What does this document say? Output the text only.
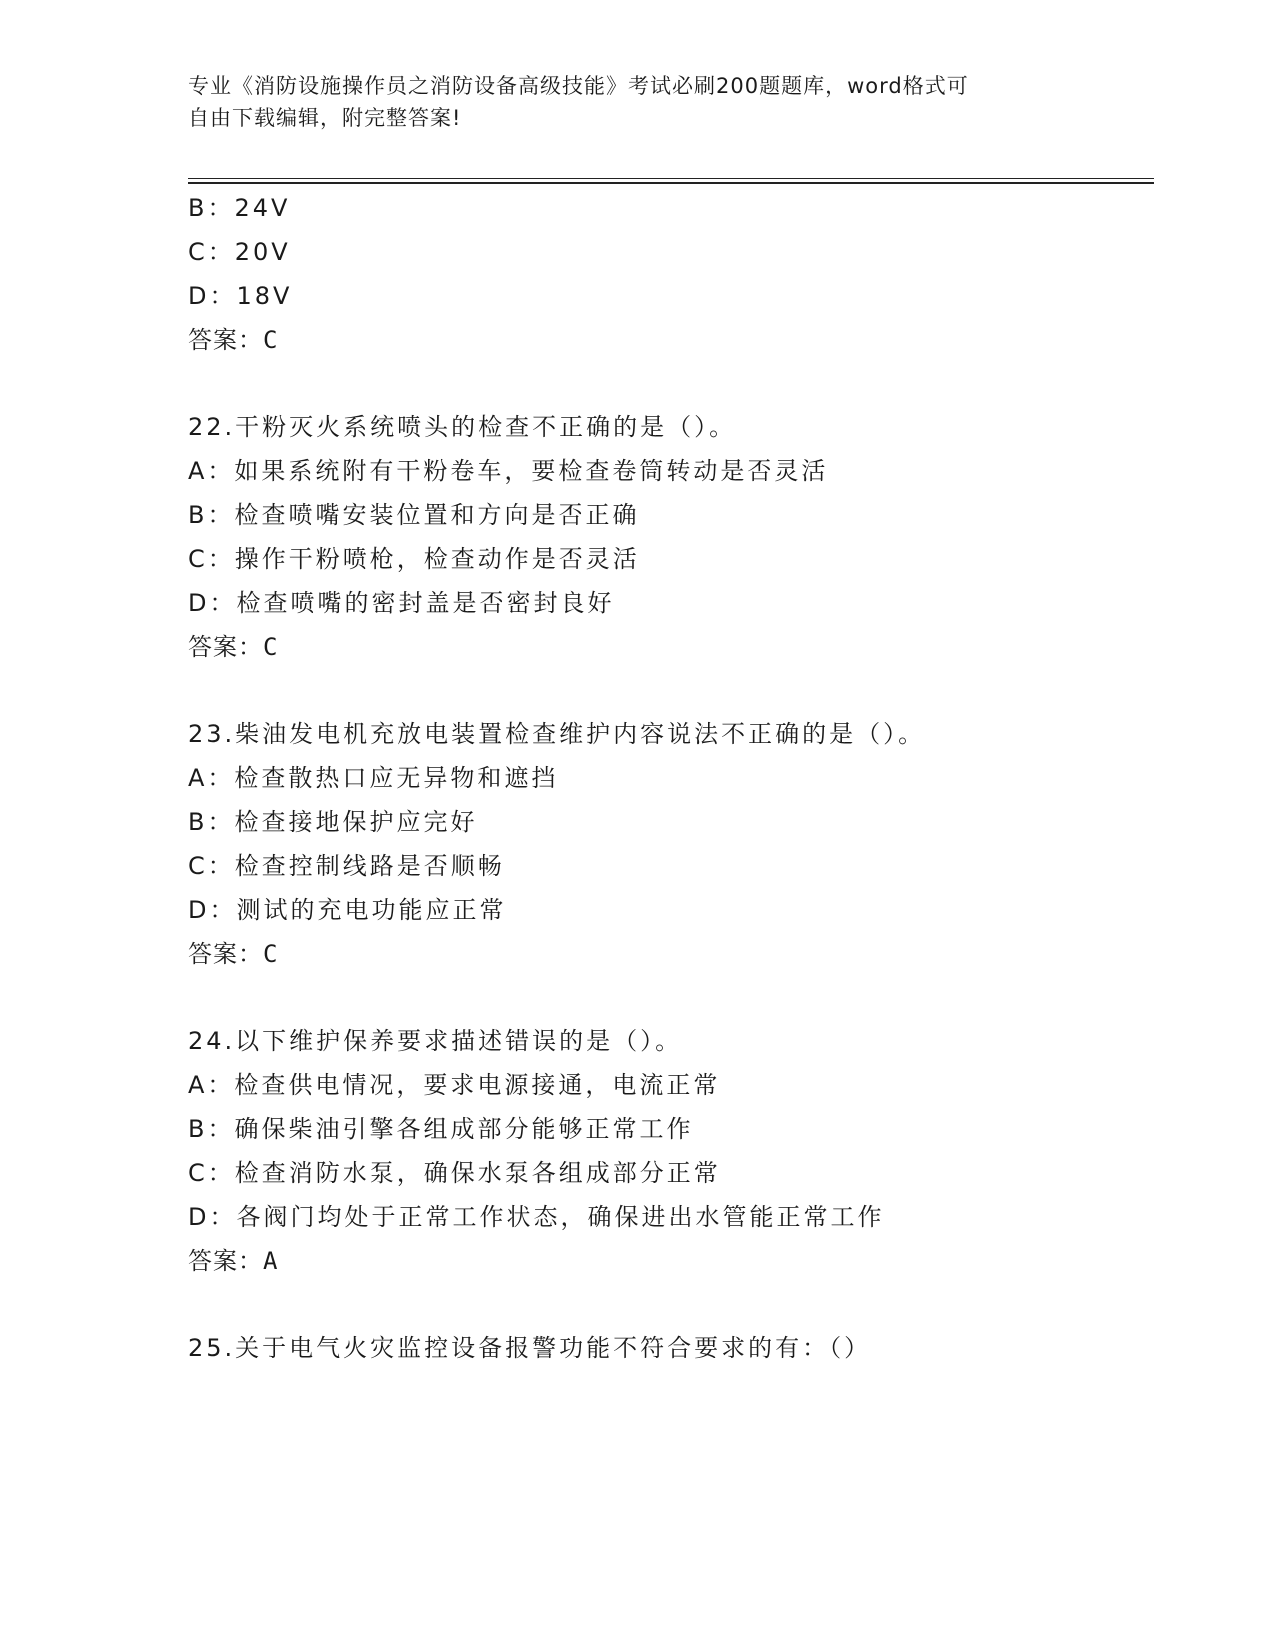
专业《消防设施操作员之消防设备高级技能》考试必刷200题题库，word格式可
自由下载编辑，附完整答案!
B：24V
C：20V
D：18V
答案：C
22.干粉灭火系统喷头的检查不正确的是（）。
A：如果系统附有干粉卷车，要检查卷筒转动是否灵活
B：检查喷嘴安装位置和方向是否正确
C：操作干粉喷枪，检查动作是否灵活
D：检查喷嘴的密封盖是否密封良好
答案：C
23.柴油发电机充放电装置检查维护内容说法不正确的是（）。
A：检查散热口应无异物和遮挡
B：检查接地保护应完好
C：检查控制线路是否顺畅
D：测试的充电功能应正常
答案：C
24.以下维护保养要求描述错误的是（）。
A：检查供电情况，要求电源接通，电流正常
B：确保柴油引擎各组成部分能够正常工作
C：检查消防水泵，确保水泵各组成部分正常
D：各阀门均处于正常工作状态，确保进出水管能正常工作
答案：A
25.关于电气火灾监控设备报警功能不符合要求的有：（）
